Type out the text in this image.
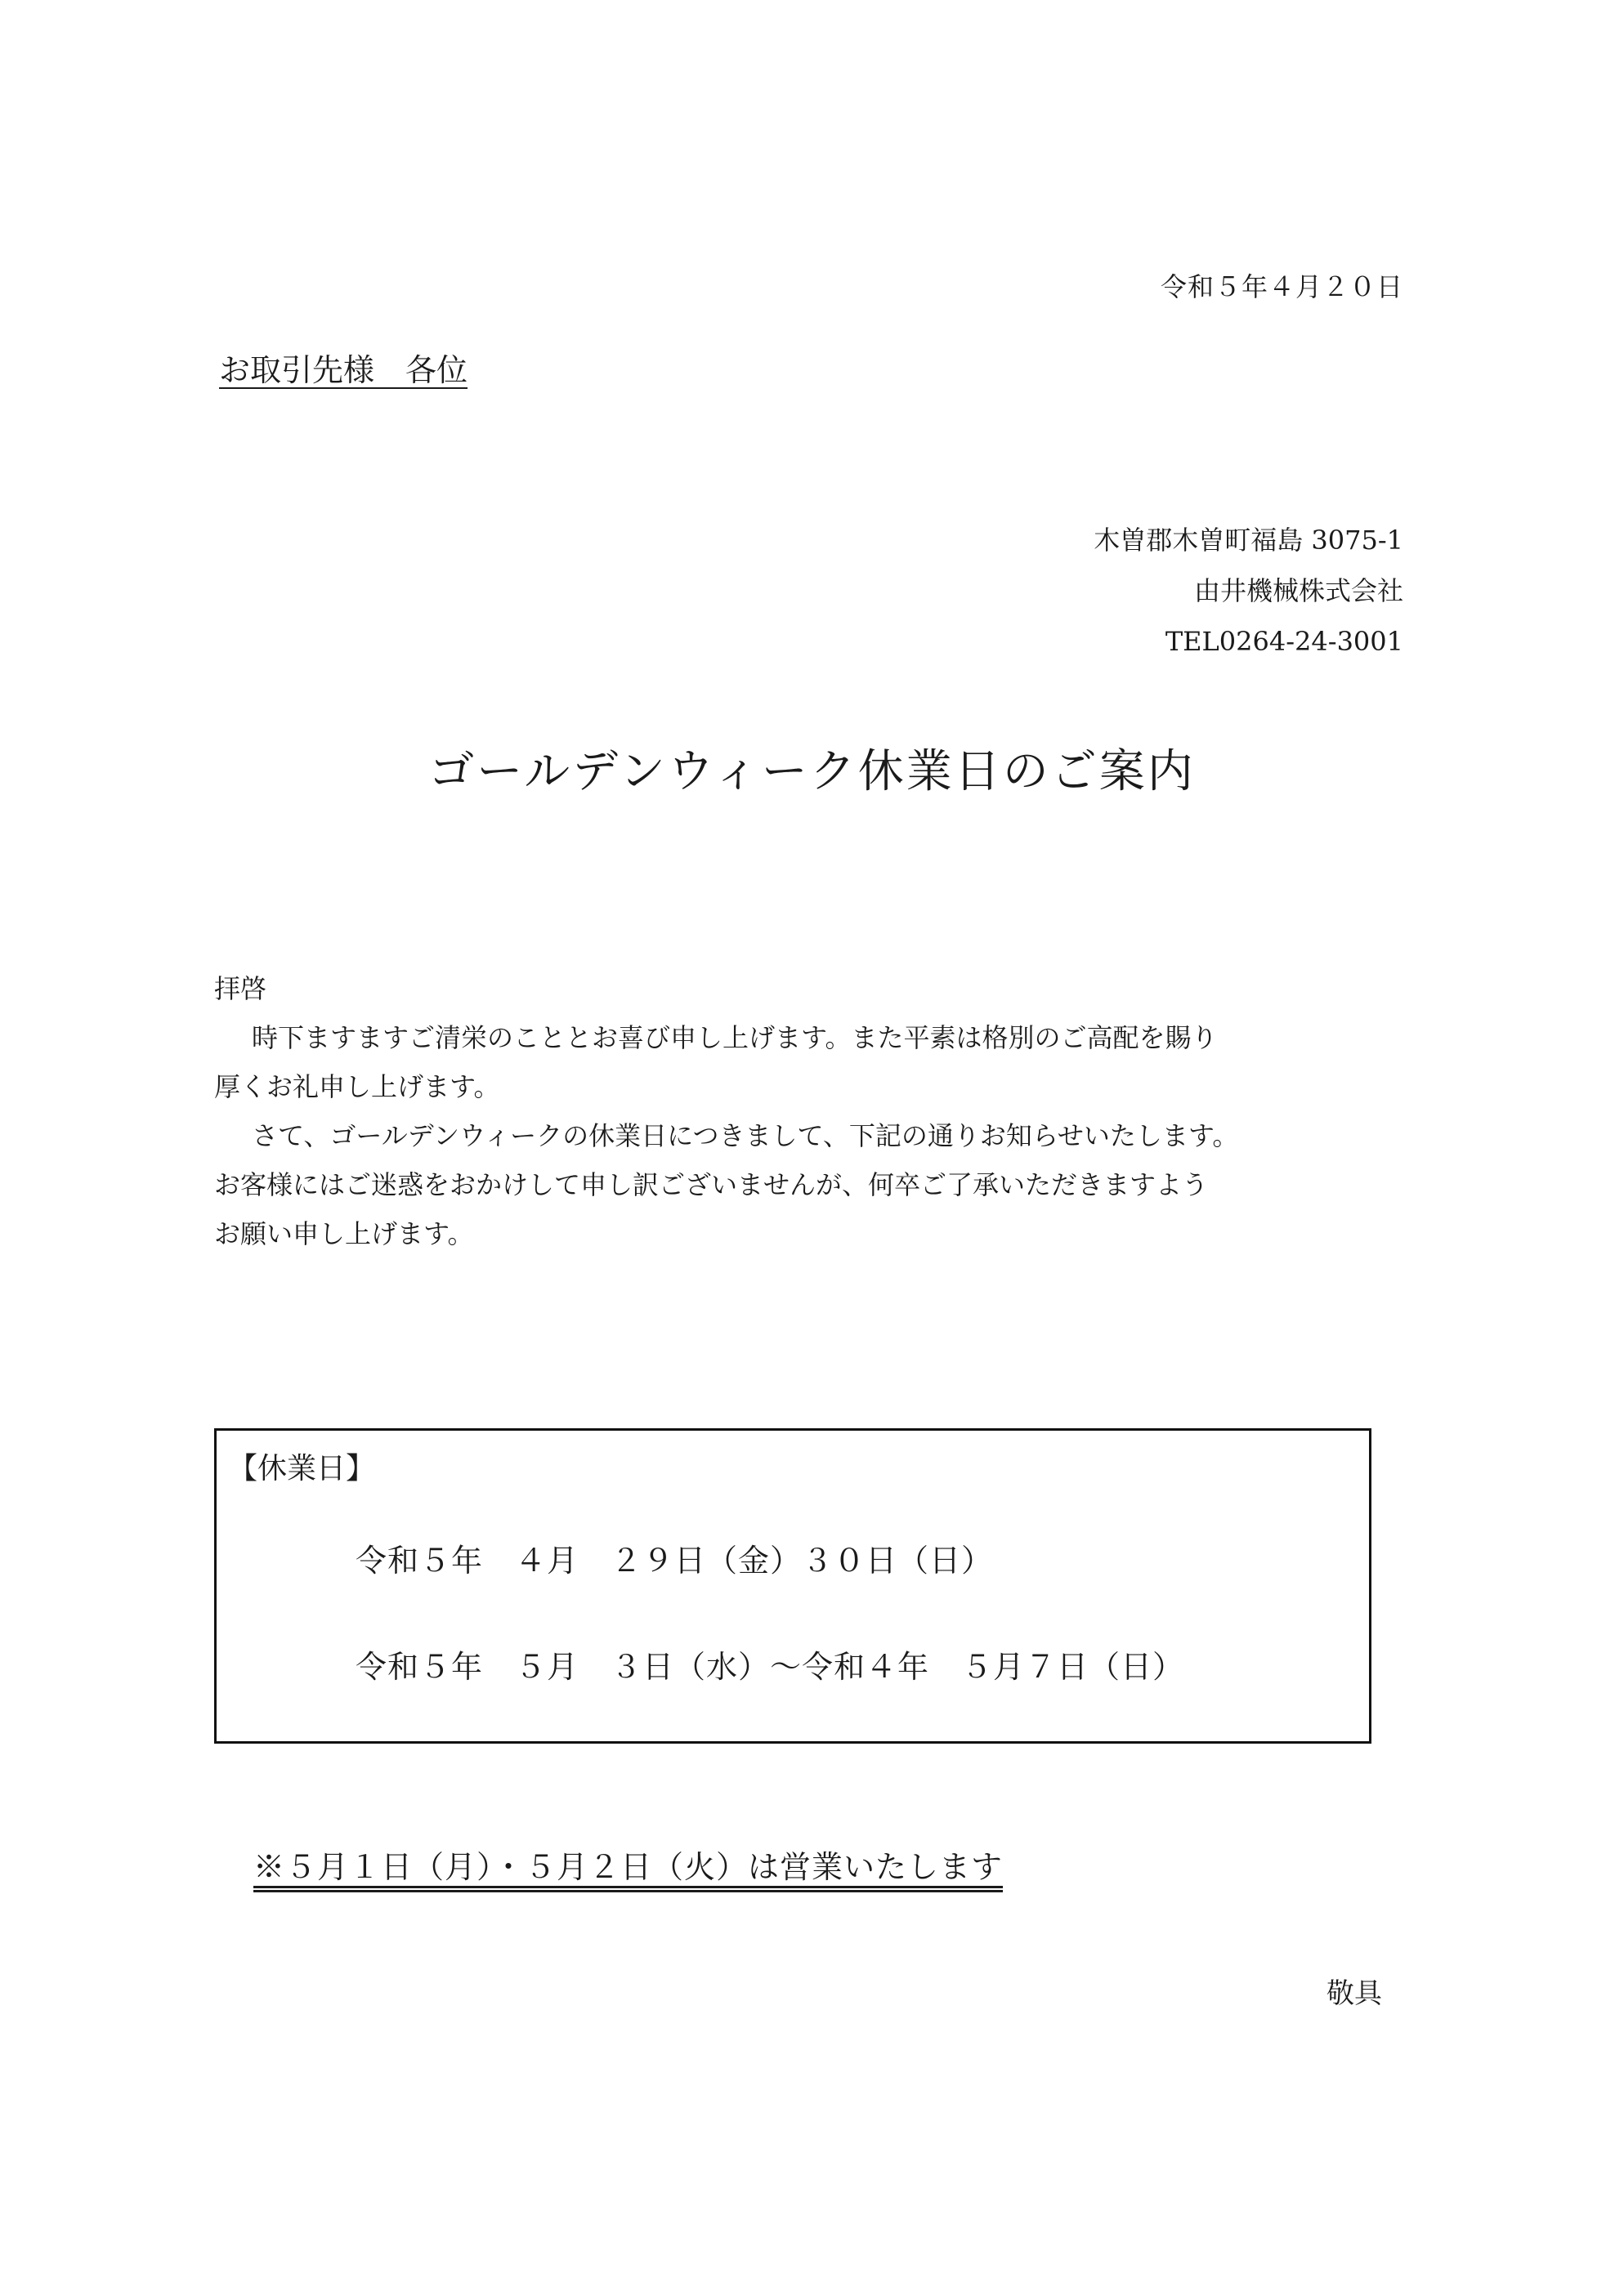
令和５年４月２０日
お取引先様　各位
木曽郡木曽町福島 3075-1
由井機械株式会社
TEL0264-24-3001
ゴールデンウィーク休業日のご案内

拝啓

時下ますますご清栄のこととお喜び申し上げます。また平素は格別のご高配を賜り

厚くお礼申し上げます。

さて、ゴールデンウィークの休業日につきまして、下記の通りお知らせいたします。

お客様にはご迷惑をおかけして申し訳ございませんが、何卒ご了承いただきますよう

お願い申し上げます。

【休業日】
令和５年　４月　２９日（金）３０日（日）
令和５年　５月　３日（水）～令和４年　５月７日（日）
※５月１日（月）・５月２日（火）は営業いたします
敬具
